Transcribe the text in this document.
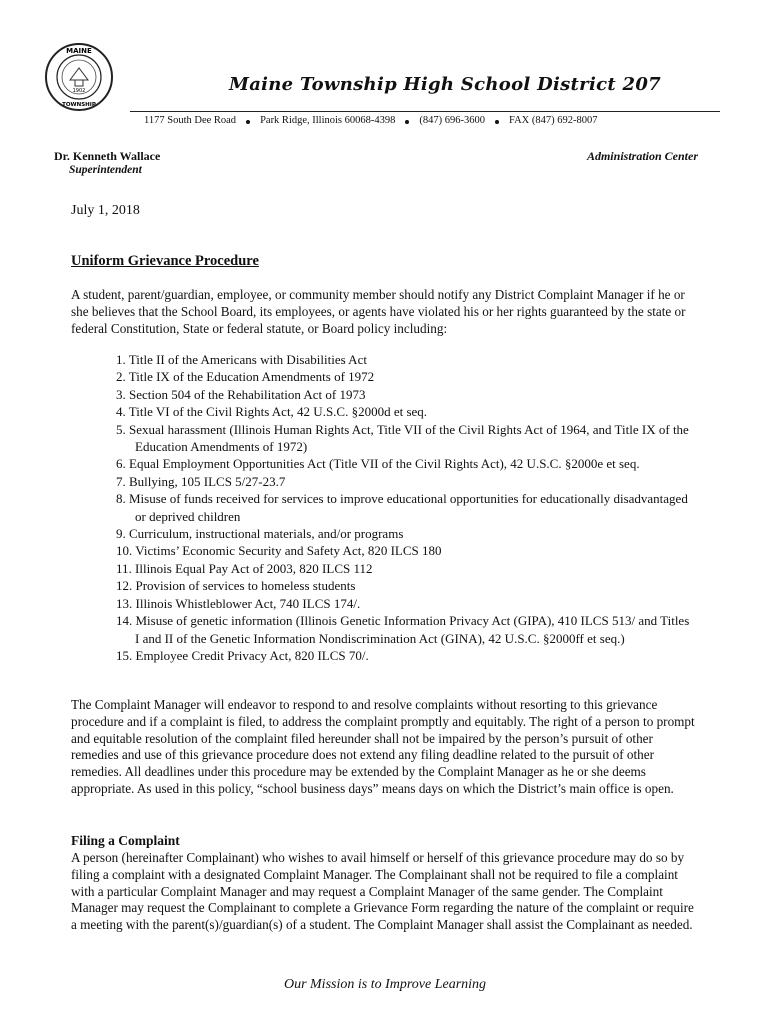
MAINE
1902
TOWNSHIP
Maine Township High School District 207
1177 South Dee Road Park Ridge, Illinois 60068-4398 (847) 696-3600 FAX (847) 692-8007
Dr. Kenneth Wallace
Superintendent
Administration Center
July 1, 2018
Uniform Grievance Procedure
A student, parent/guardian, employee, or community member should notify any District Complaint Manager if he or she believes that the School Board, its employees, or agents have violated his or her rights guaranteed by the state or federal Constitution, State or federal statute, or Board policy including:
1. Title II of the Americans with Disabilities Act
2. Title IX of the Education Amendments of 1972
3. Section 504 of the Rehabilitation Act of 1973
4. Title VI of the Civil Rights Act, 42 U.S.C. §2000d et seq.
5. Sexual harassment (Illinois Human Rights Act, Title VII of the Civil Rights Act of 1964, and Title IX of the Education Amendments of 1972)
6. Equal Employment Opportunities Act (Title VII of the Civil Rights Act), 42 U.S.C. §2000e et seq.
7. Bullying, 105 ILCS 5/27-23.7
8. Misuse of funds received for services to improve educational opportunities for educationally disadvantaged or deprived children
9. Curriculum, instructional materials, and/or programs
10. Victims’ Economic Security and Safety Act, 820 ILCS 180
11. Illinois Equal Pay Act of 2003, 820 ILCS 112
12. Provision of services to homeless students
13. Illinois Whistleblower Act, 740 ILCS 174/.
14. Misuse of genetic information (Illinois Genetic Information Privacy Act (GIPA), 410 ILCS 513/ and Titles I and II of the Genetic Information Nondiscrimination Act (GINA), 42 U.S.C. §2000ff et seq.)
15. Employee Credit Privacy Act, 820 ILCS 70/.
The Complaint Manager will endeavor to respond to and resolve complaints without resorting to this grievance procedure and if a complaint is filed, to address the complaint promptly and equitably. The right of a person to prompt and equitable resolution of the complaint filed hereunder shall not be impaired by the person’s pursuit of other remedies and use of this grievance procedure does not extend any filing deadline related to the pursuit of other remedies. All deadlines under this procedure may be extended by the Complaint Manager as he or she deems appropriate. As used in this policy, “school business days” means days on which the District’s main office is open.
Filing a Complaint
A person (hereinafter Complainant) who wishes to avail himself or herself of this grievance procedure may do so by filing a complaint with a designated Complaint Manager. The Complainant shall not be required to file a complaint with a particular Complaint Manager and may request a Complaint Manager of the same gender. The Complaint Manager may request the Complainant to complete a Grievance Form regarding the nature of the complaint or require a meeting with the parent(s)/guardian(s) of a student. The Complaint Manager shall assist the Complainant as needed.
Our Mission is to Improve Learning
